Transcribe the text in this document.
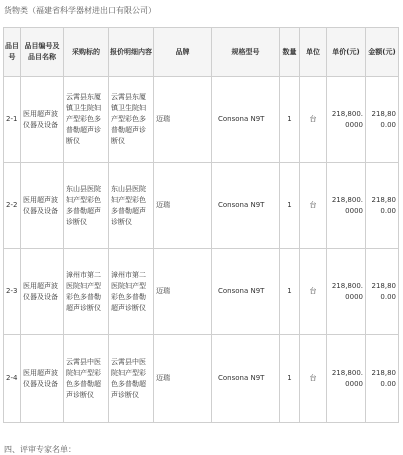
货物类（福建省科学器材进出口有限公司）
品目号	品目编号及品目名称	采购标的	报价明细内容	品牌	规格型号	数量	单位	单价(元)	金额(元)
2-1	医用超声波仪器及设备	云霄县东厦镇卫生院妇产型彩色多普勒超声诊断仪	云霄县东厦镇卫生院妇产型彩色多普勒超声诊断仪	迈瑞	Consona N9T	1	台	218,800.0000	218,800.00
2-2	医用超声波仪器及设备	东山县医院妇产型彩色多普勒超声诊断仪	东山县医院妇产型彩色多普勒超声诊断仪	迈瑞	Consona N9T	1	台	218,800.0000	218,800.00
2-3	医用超声波仪器及设备	漳州市第二医院妇产型彩色多普勒超声诊断仪	漳州市第二医院妇产型彩色多普勒超声诊断仪	迈瑞	Consona N9T	1	台	218,800.0000	218,800.00
2-4	医用超声波仪器及设备	云霄县中医院妇产型彩色多普勒超声诊断仪	云霄县中医院妇产型彩色多普勒超声诊断仪	迈瑞	Consona N9T	1	台	218,800.0000	218,800.00
四、评审专家名单：
